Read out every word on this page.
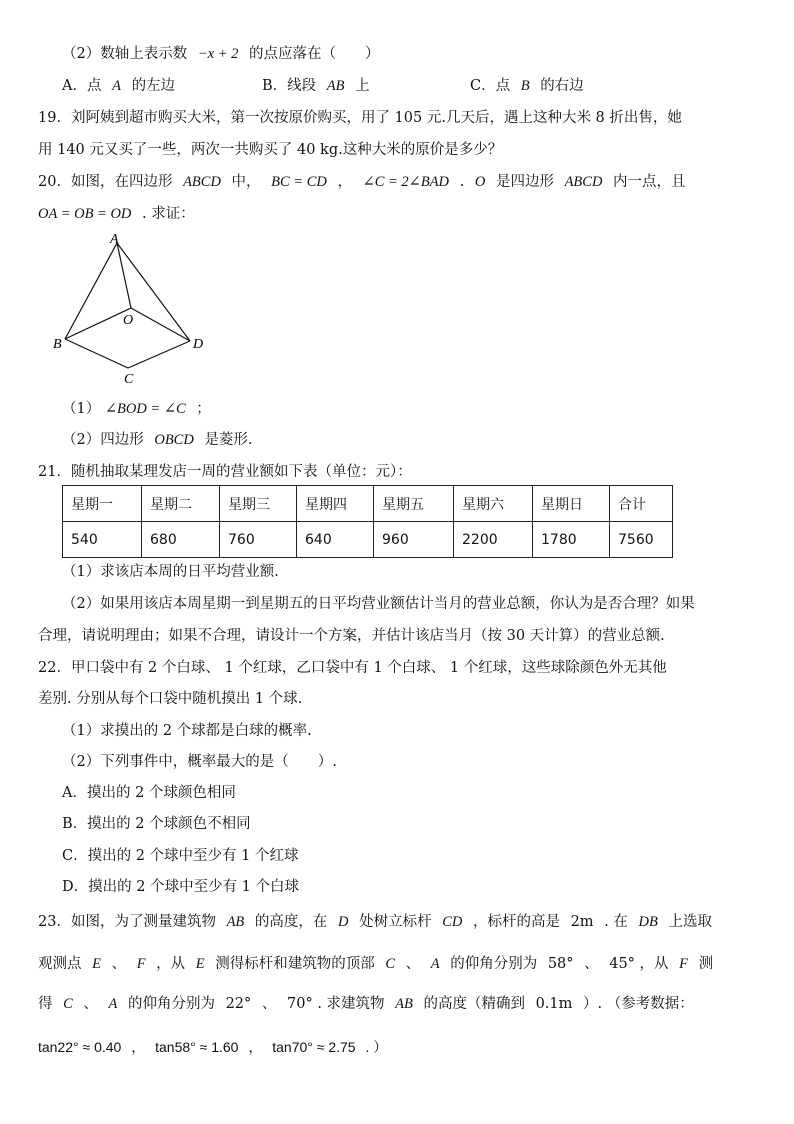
（2）数轴上表示数 −x + 2 的点应落在（　　）
A．点 A 的左边	B．线段 AB 上	C．点 B 的右边
19．刘阿姨到超市购买大米，第一次按原价购买，用了 105 元.几天后，遇上这种大米 8 折出售，她
用 140 元又买了一些，两次一共购买了 40 kg.这种大米的原价是多少？
20．如图，在四边形 ABCD 中， BC = CD ， ∠C = 2∠BAD . O 是四边形 ABCD 内一点，且
OA = OB = OD . 求证：
A
O
B	D
C
（1） ∠BOD = ∠C ；
（2）四边形 OBCD 是菱形.
21．随机抽取某理发店一周的营业额如下表（单位：元）：
星期一	星期二	星期三	星期四	星期五	星期六	星期日	合计
540	680	760	640	960	2200	1780	7560
（1）求该店本周的日平均营业额.
（2）如果用该店本周星期一到星期五的日平均营业额估计当月的营业总额，你认为是否合理？如果
合理，请说明理由；如果不合理，请设计一个方案，并估计该店当月（按 30 天计算）的营业总额.
22．甲口袋中有 2 个白球、 1 个红球，乙口袋中有 1 个白球、 1 个红球，这些球除颜色外无其他
差别. 分别从每个口袋中随机摸出 1 个球.
（1）求摸出的 2 个球都是白球的概率.
（2）下列事件中，概率最大的是（　　）.
A．摸出的 2 个球颜色相同
B．摸出的 2 个球颜色不相同
C．摸出的 2 个球中至少有 1 个红球
D．摸出的 2 个球中至少有 1 个白球
23．如图，为了测量建筑物 AB 的高度，在 D 处树立标杆 CD ，标杆的高是 2m . 在 DB 上选取
观测点 E 、 F ，从 E 测得标杆和建筑物的顶部 C 、 A 的仰角分别为 58° 、 45° ，从 F 测
得 C 、 A 的仰角分别为 22° 、 70° . 求建筑物 AB 的高度（精确到 0.1m ）. （参考数据：
tan22° ≈ 0.40 ， tan58° ≈ 1.60 ， tan70° ≈ 2.75 . ）
